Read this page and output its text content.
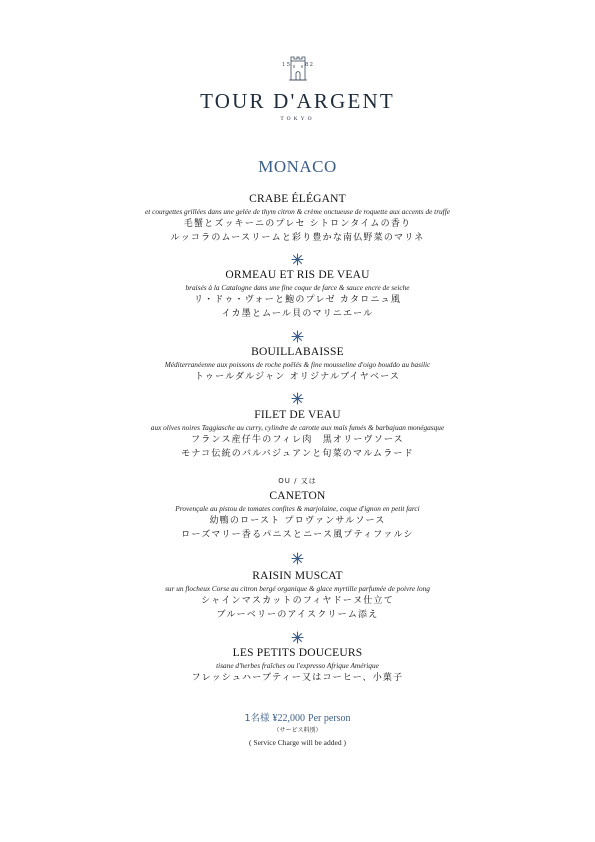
15	82
TOUR D'ARGENT
TOKYO
MONACO
CRABE ÉLÉGANT
et courgettes grillées dans une gelée de thym citron & crème onctueuse de roquette aux accents de truffe
毛蟹とズッキーニのプレセ シトロンタイムの香り
ルッコラのムースリームと彩り豊かな南仏野菜のマリネ
ORMEAU ET RIS DE VEAU
braisés à la Catalogne dans une fine coque de farce & sauce encre de seiche
リ・ドゥ・ヴォーと鮑のプレゼ カタロニュ風
イカ墨とムール貝のマリニエール
BOUILLABAISSE
Méditerranéenne aux poissons de roche poêlés & fine mousseline d'oigo bouddo au basilic
トゥールダルジャン オリジナルブイヤベース
FILET DE VEAU
aux olives noires Taggiasche au curry, cylindre de carotte aux maïs fumés & barbajuan monégasque
フランス産仔牛のフィレ肉　黒オリーヴソース
モナコ伝統のバルバジュアンと旬菜のマルムラード
OU / 又は
CANETON
Provençale au pistou de tomates confites & marjolaine, coque d'ignon en petit farci
幼鴨のロースト プロヴァンサルソース
ローズマリー香るパニスとニース風プティファルシ
RAISIN MUSCAT
sur un flocheux Corse au citron bergé organique & glace myrtille parfumée de poivre long
シャインマスカットのフィヤドーヌ仕立て
ブルーベリーのアイスクリーム添え
LES PETITS DOUCEURS
tisane d'herbes fraîches ou l'expresso Afrique Amérique
フレッシュハーブティー又はコーヒー、小菓子
1名様 ¥22,000 Per person
（サービス料別）
( Service Charge will be added )
